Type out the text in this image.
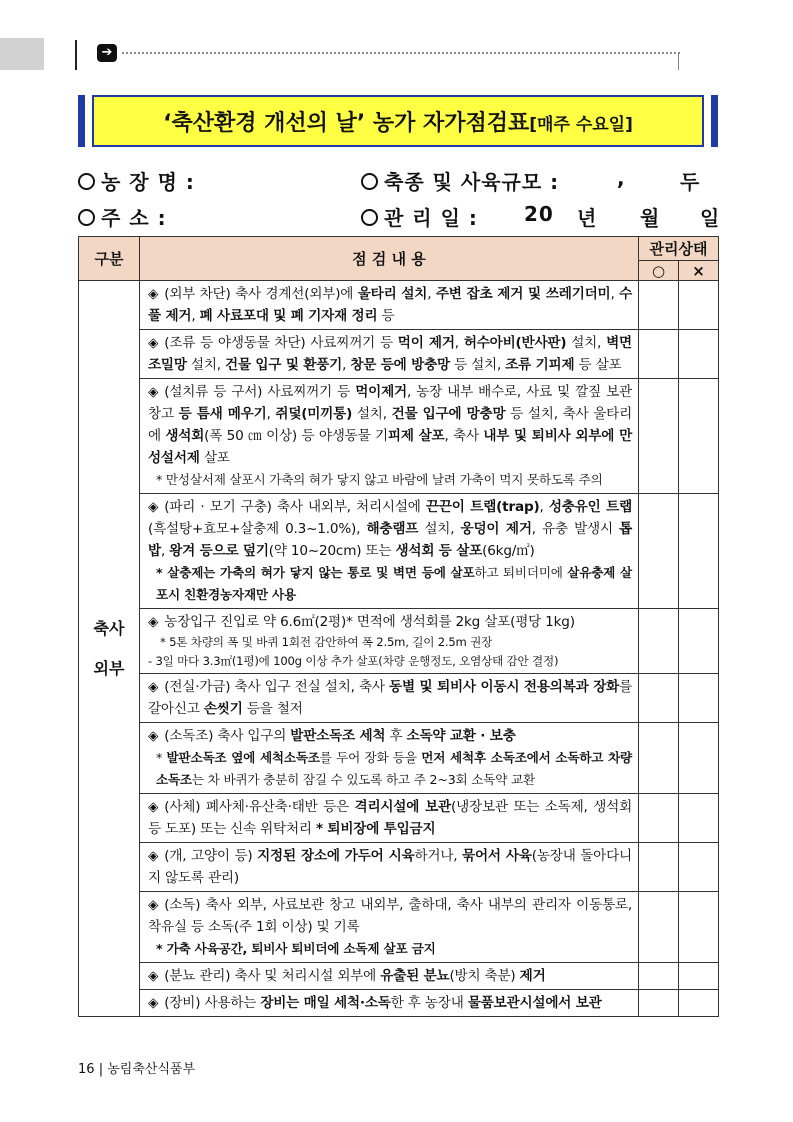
➔
‘축산환경 개선의 날’ 농가 자가점검표[매주 수요일]
농 장 명 :	축종 및 사육규모 :	,	두
주 소 :	관 리 일 : 20 년 월 일
구분	점 검 내 용	관리상태	
		○	×
축사
외부	◈ (외부 차단) 축사 경계선(외부)에 울타리 설치, 주변 잡초 제거 및 쓰레기더미, 수풀 제거, 폐 사료포대 및 폐 기자재 정리 등		
	◈ (조류 등 야생동물 차단) 사료찌꺼기 등 먹이 제거, 허수아비(반사판) 설치, 벽면 조밀망 설치, 건물 입구 및 환풍기, 창문 등에 방충망 등 설치, 조류 기피제 등 살포		
	◈ (설치류 등 구서) 사료찌꺼기 등 먹이제거, 농장 내부 배수로, 사료 및 깔짚 보관창고 등 틈새 메우기, 쥐덫(미끼통) 설치, 건물 입구에 망충망 등 설치, 축사 울타리에 생석회(폭 50 ㎝ 이상) 등 야생동물 기피제 살포, 축사 내부 및 퇴비사 외부에 만성설서제 살포
* 만성살서제 살포시 가축의 혀가 닿지 않고 바람에 날려 가축이 먹지 못하도록 주의		

	◈ (파리 · 모기 구충) 축사 내외부, 처리시설에 끈끈이 트랩(trap), 성충유인 트랩(흑설탕+효모+살충제 0.3~1.0%), 해충램프 설치, 웅덩이 제거, 유충 발생시 톱밥, 왕겨 등으로 덮기(약 10~20cm) 또는 생석회 등 살포(6kg/㎡)
* 살충제는 가축의 혀가 닿지 않는 통로 및 벽면 등에 살포하고 퇴비더미에 살유충제 살포시 친환경농자재만 사용		

	◈ 농장입구 진입로 약 6.6㎡(2평)* 면적에 생석회를 2kg 살포(평당 1kg)
* 5톤 차량의 폭 및 바퀴 1회전 감안하여 폭 2.5m, 길이 2.5m 권장
- 3일 마다 3.3㎡(1평)에 100g 이상 추가 살포(차량 운행정도, 오염상태 감안 결정)		

	◈ (전실·가금) 축사 입구 전실 설치, 축사 동별 및 퇴비사 이동시 전용의복과 장화를 갈아신고 손씻기 등을 철저		
	◈ (소독조) 축사 입구의 발판소독조 세척 후 소독약 교환 · 보충
* 발판소독조 옆에 세척소독조를 두어 장화 등을 먼저 세척후 소독조에서 소독하고 차량소독조는 차 바퀴가 충분히 잠길 수 있도록 하고 주 2~3회 소독약 교환		

	◈ (사체) 폐사체·유산축·태반 등은 격리시설에 보관(냉장보관 또는 소독제, 생석회 등 도포) 또는 신속 위탁처리 * 퇴비장에 투입금지		
	◈ (개, 고양이 등) 지정된 장소에 가두어 시육하거나, 묶어서 사육(농장내 돌아다니지 않도록 관리)		
	◈ (소독) 축사 외부, 사료보관 창고 내외부, 출하대, 축사 내부의 관리자 이동통로, 착유실 등 소독(주 1회 이상) 및 기록
* 가축 사육공간, 퇴비사 퇴비더에 소독제 살포 금지		

	◈ (분뇨 관리) 축사 및 처리시설 외부에 유출된 분뇨(방치 축분) 제거		
	◈ (장비) 사용하는 장비는 매일 세척·소독한 후 농장내 물품보관시설에서 보관		
16 | 농림축산식품부
